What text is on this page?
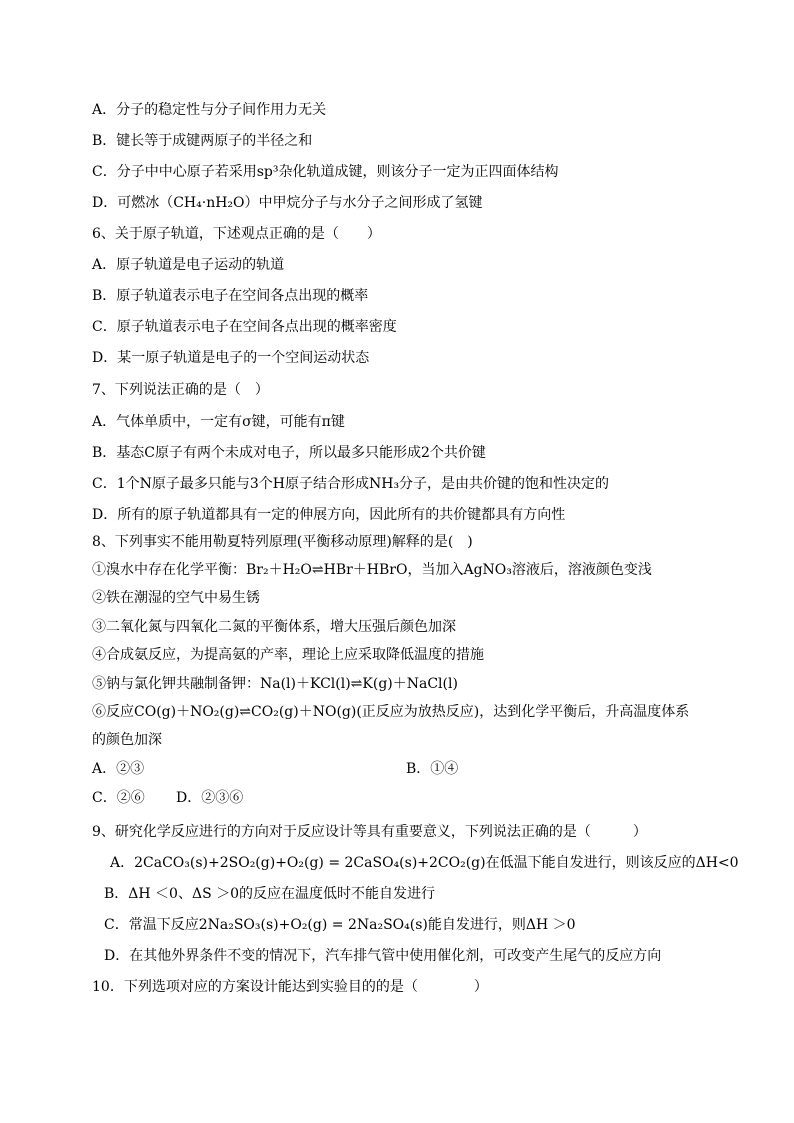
A．分子的稳定性与分子间作用力无关
B．键长等于成键两原子的半径之和
C．分子中中心原子若采用sp³杂化轨道成键，则该分子一定为正四面体结构
D．可燃冰（CH₄·nH₂O）中甲烷分子与水分子之间形成了氢键
6、关于原子轨道，下述观点正确的是（　　）
A．原子轨道是电子运动的轨道
B．原子轨道表示电子在空间各点出现的概率
C．原子轨道表示电子在空间各点出现的概率密度
D．某一原子轨道是电子的一个空间运动状态
7、下列说法正确的是（　）
A．气体单质中，一定有σ键，可能有π键
B．基态C原子有两个未成对电子，所以最多只能形成2个共价键
C．1个N原子最多只能与3个H原子结合形成NH₃分子，是由共价键的饱和性决定的
D．所有的原子轨道都具有一定的伸展方向，因此所有的共价键都具有方向性
8、下列事实不能用勒夏特列原理(平衡移动原理)解释的是(　)
①溴水中存在化学平衡：Br₂＋H₂O⇌HBr＋HBrO，当加入AgNO₃溶液后，溶液颜色变浅
②铁在潮湿的空气中易生锈
③二氧化氮与四氧化二氮的平衡体系，增大压强后颜色加深
④合成氨反应，为提高氨的产率，理论上应采取降低温度的措施
⑤钠与氯化钾共融制备钾：Na(l)＋KCl(l)⇌K(g)＋NaCl(l)
⑥反应CO(g)＋NO₂(g)⇌CO₂(g)＋NO(g)(正反应为放热反应)，达到化学平衡后，升高温度体系
的颜色加深
A．②③	B．①④
C．②⑥ D．②③⑥
9、研究化学反应进行的方向对于反应设计等具有重要意义，下列说法正确的是（　　　）
A．2CaCO₃(s)+2SO₂(g)+O₂(g) = 2CaSO₄(s)+2CO₂(g)在低温下能自发进行，则该反应的ΔH<0
B．ΔH ＜0、ΔS ＞0的反应在温度低时不能自发进行
C．常温下反应2Na₂SO₃(s)+O₂(g) = 2Na₂SO₄(s)能自发进行，则ΔH ＞0
D．在其他外界条件不变的情况下，汽车排气管中使用催化剂，可改变产生尾气的反应方向
10．下列选项对应的方案设计能达到实验目的的是（　　　　）
